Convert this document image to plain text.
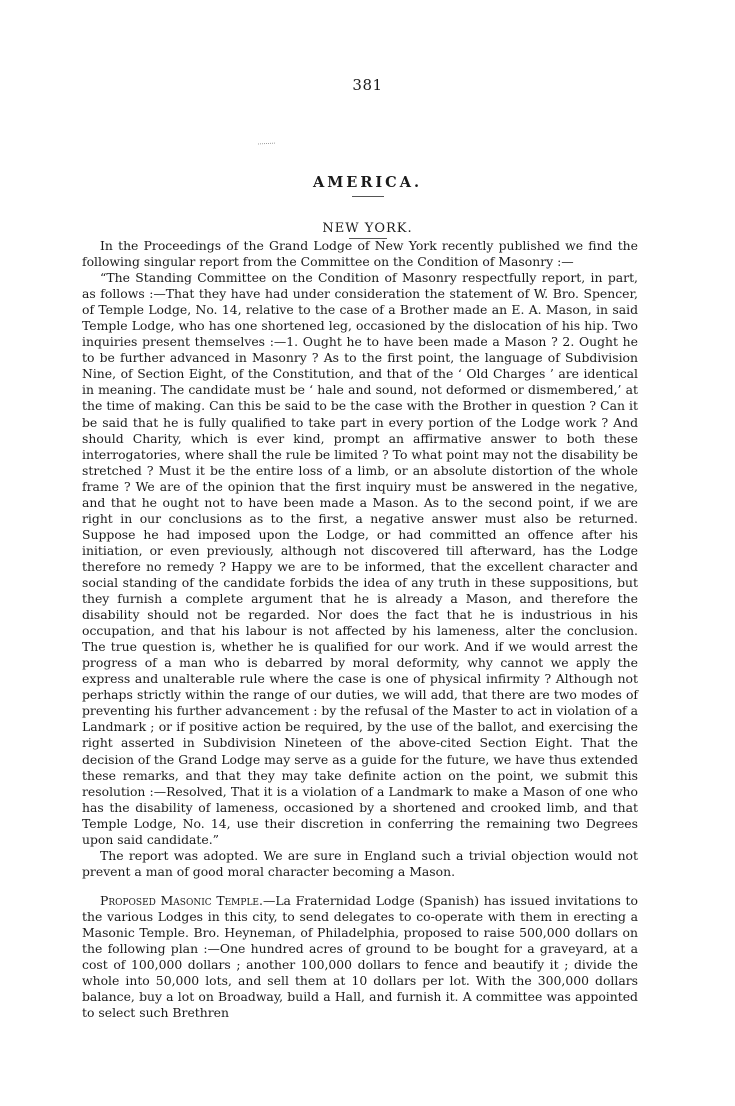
381
AMERICA.
NEW YORK.

In the Proceedings of the Grand Lodge of New York recently published we find the following singular report from the Committee on the Condition of Masonry :—

“The Standing Committee on the Condition of Masonry respectfully report, in part, as follows :—That they have had under consideration the statement of W. Bro. Spencer, of Temple Lodge, No. 14, relative to the case of a Brother made an E. A. Mason, in said Temple Lodge, who has one shortened leg, occasioned by the dislocation of his hip. Two inquiries present themselves :—1. Ought he to have been made a Mason ? 2. Ought he to be further advanced in Masonry ? As to the first point, the language of Subdivision Nine, of Section Eight, of the Constitution, and that of the ‘ Old Charges ’ are identical in meaning. The candidate must be ‘ hale and sound, not deformed or dismembered,’ at the time of making. Can this be said to be the case with the Brother in question ? Can it be said that he is fully qualified to take part in every portion of the Lodge work ? And should Charity, which is ever kind, prompt an affirmative answer to both these interrogatories, where shall the rule be limited ? To what point may not the disability be stretched ? Must it be the entire loss of a limb, or an absolute distortion of the whole frame ? We are of the opinion that the first inquiry must be answered in the negative, and that he ought not to have been made a Mason. As to the second point, if we are right in our conclusions as to the first, a negative answer must also be returned. Suppose he had imposed upon the Lodge, or had committed an offence after his initiation, or even previously, although not discovered till afterward, has the Lodge therefore no remedy ? Happy we are to be informed, that the excellent character and social standing of the candidate forbids the idea of any truth in these suppositions, but they furnish a complete argument that he is already a Mason, and therefore the disability should not be regarded. Nor does the fact that he is industrious in his occupation, and that his labour is not affected by his lameness, alter the conclusion. The true question is, whether he is qualified for our work. And if we would arrest the progress of a man who is debarred by moral deformity, why cannot we apply the express and unalterable rule where the case is one of physical infirmity ? Although not perhaps strictly within the range of our duties, we will add, that there are two modes of preventing his further advancement : by the refusal of the Master to act in violation of a Landmark ; or if positive action be required, by the use of the ballot, and exercising the right asserted in Subdivision Nineteen of the above-cited Section Eight. That the decision of the Grand Lodge may serve as a guide for the future, we have thus extended these remarks, and that they may take definite action on the point, we submit this resolution :—Resolved, That it is a violation of a Landmark to make a Mason of one who has the disability of lameness, occasioned by a shortened and crooked limb, and that Temple Lodge, No. 14, use their discretion in conferring the remaining two Degrees upon said candidate.”

The report was adopted. We are sure in England such a trivial objection would not prevent a man of good moral character becoming a Mason.

Proposed Masonic Temple.—La Fraternidad Lodge (Spanish) has issued invitations to the various Lodges in this city, to send delegates to co-operate with them in erecting a Masonic Temple. Bro. Heyneman, of Philadelphia, proposed to raise 500,000 dollars on the following plan :—One hundred acres of ground to be bought for a graveyard, at a cost of 100,000 dollars ; another 100,000 dollars to fence and beautify it ; divide the whole into 50,000 lots, and sell them at 10 dollars per lot. With the 300,000 dollars balance, buy a lot on Broadway, build a Hall, and furnish it. A committee was appointed to select such Brethren
